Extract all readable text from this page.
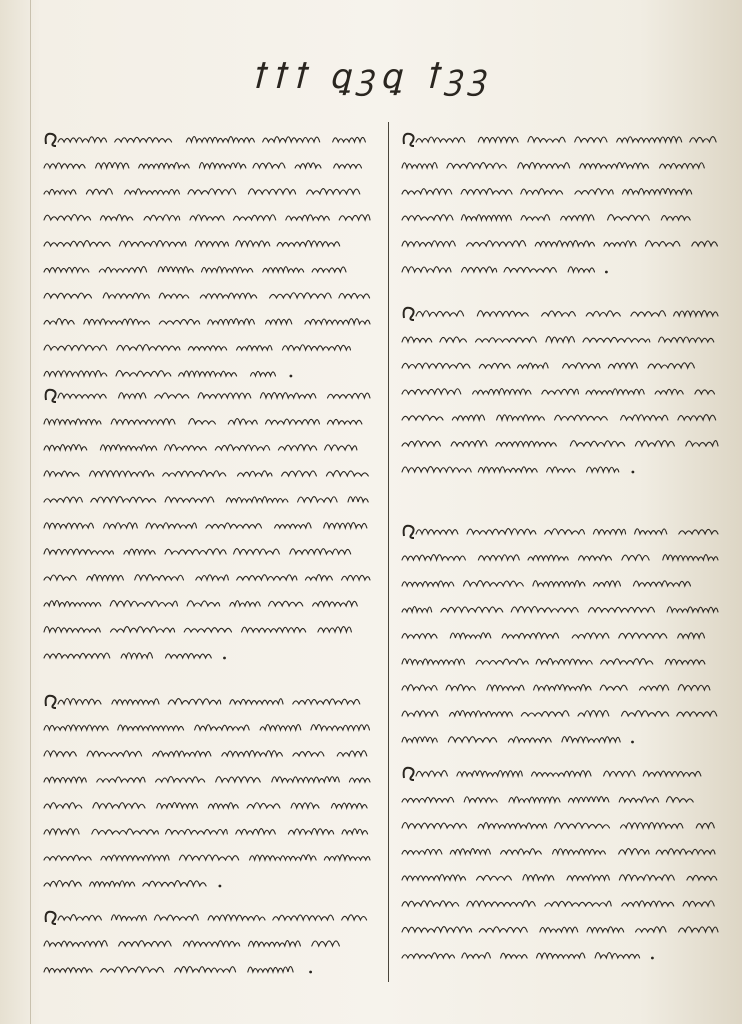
ꝉꝉꝉ ꝗꝫꝗ ꝉꝫꝫ
